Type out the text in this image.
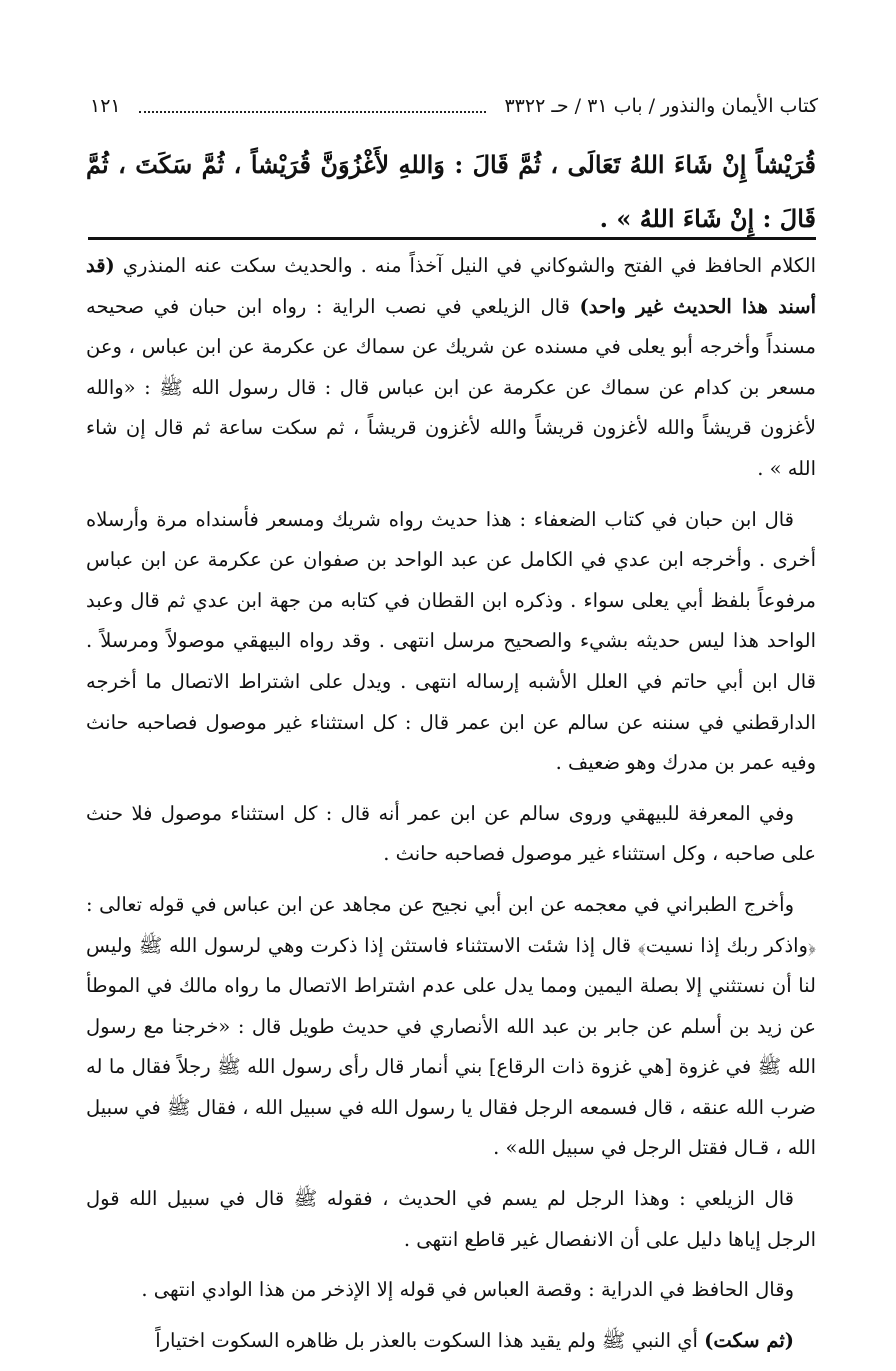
كتاب الأيمان والنذور / باب ٣١ / حـ ٣٣٢٢
١٢١
قُرَيْشاً إِنْ شَاءَ اللهُ تَعَالَى ، ثُمَّ قَالَ : وَاللهِ لأَغْزُوَنَّ قُرَيْشاً ، ثُمَّ سَكَتَ ، ثُمَّ قَالَ : إِنْ شَاءَ اللهُ » .

الكلام الحافظ في الفتح والشوكاني في النيل آخذاً منه . والحديث سكت عنه المنذري (قد أسند هذا الحديث غير واحد) قال الزيلعي في نصب الراية : رواه ابن حبان في صحيحه مسنداً وأخرجه أبو يعلى في مسنده عن شريك عن سماك عن عكرمة عن ابن عباس ، وعن مسعر بن كدام عن سماك عن عكرمة عن ابن عباس قال : قال رسول الله ﷺ : «والله لأغزون قريشاً والله لأغزون قريشاً والله لأغزون قريشاً ، ثم سكت ساعة ثم قال إن شاء الله » .

قال ابن حبان في كتاب الضعفاء : هذا حديث رواه شريك ومسعر فأسنداه مرة وأرسلاه أخرى . وأخرجه ابن عدي في الكامل عن عبد الواحد بن صفوان عن عكرمة عن ابن عباس مرفوعاً بلفظ أبي يعلى سواء . وذكره ابن القطان في كتابه من جهة ابن عدي ثم قال وعبد الواحد هذا ليس حديثه بشيء والصحيح مرسل انتهى . وقد رواه البيهقي موصولاً ومرسلاً . قال ابن أبي حاتم في العلل الأشبه إرساله انتهى . ويدل على اشتراط الاتصال ما أخرجه الدارقطني في سننه عن سالم عن ابن عمر قال : كل استثناء غير موصول فصاحبه حانث وفيه عمر بن مدرك وهو ضعيف .

وفي المعرفة للبيهقي وروى سالم عن ابن عمر أنه قال : كل استثناء موصول فلا حنث على صاحبه ، وكل استثناء غير موصول فصاحبه حانث .

وأخرج الطبراني في معجمه عن ابن أبي نجيح عن مجاهد عن ابن عباس في قوله تعالى : ﴿واذكر ربك إذا نسيت﴾ قال إذا شئت الاستثناء فاستثن إذا ذكرت وهي لرسول الله ﷺ وليس لنا أن نستثني إلا بصلة اليمين ومما يدل على عدم اشتراط الاتصال ما رواه مالك في الموطأ عن زيد بن أسلم عن جابر بن عبد الله الأنصاري في حديث طويل قال : «خرجنا مع رسول الله ﷺ في غزوة [هي غزوة ذات الرقاع] بني أنمار قال رأى رسول الله ﷺ رجلاً فقال ما له ضرب الله عنقه ، قال فسمعه الرجل فقال يا رسول الله في سبيل الله ، فقال ﷺ في سبيل الله ، قـال فقتل الرجل في سبيل الله» .

قال الزيلعي : وهذا الرجل لم يسم في الحديث ، فقوله ﷺ قال في سبيل الله قول الرجل إياها دليل على أن الانفصال غير قاطع انتهى .

وقال الحافظ في الدراية : وقصة العباس في قوله إلا الإذخر من هذا الوادي انتهى .

(ثم سكت) أي النبي ﷺ ولم يقيد هذا السكوت بالعذر بل ظاهره السكوت اختياراً
